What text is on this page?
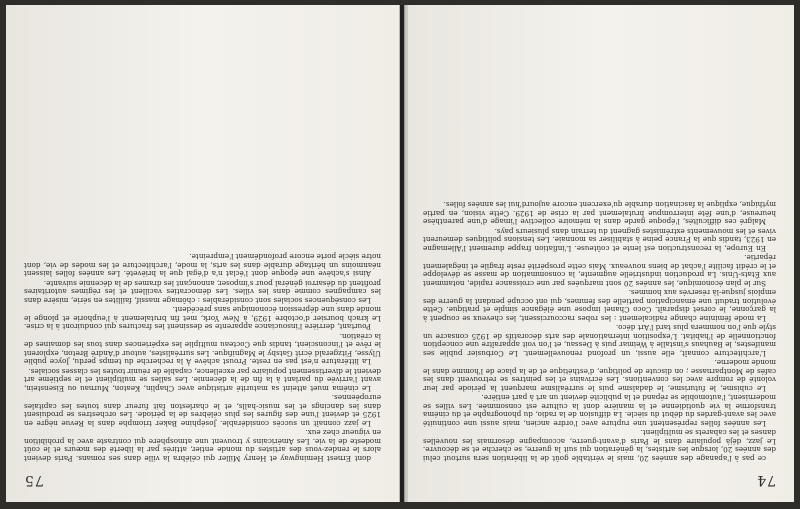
74

ce pas à l'apanage des années 20, mais le véritable goût de la libération sera surtout celui des années 20, lorsque les artistes, la génération qui suit la guerre, se cherche et se découvre. Le jazz, déjà populaire dans le Paris d'avant-guerre, accompagne désormais les nouvelles danses et les cabarets se multiplient.

Les années folles représentent une rupture avec l'ordre ancien, mais aussi une continuité avec les avant-gardes du début du siècle. La diffusion de la radio, du phonographe et du cinéma transforme la vie quotidienne et la manière dont la culture est consommée. Les villes se modernisent, l'automobile se répand et la publicité devient un art à part entière.

Le cubisme, le futurisme, le dadaïsme puis le surréalisme marquent la période par leur volonté de rompre avec les conventions. Les écrivains et les peintres se retrouvent dans les cafés de Montparnasse ; on discute de politique, d'esthétique et de la place de l'homme dans le monde moderne.

L'architecture connaît, elle aussi, un profond renouvellement. Le Corbusier publie ses manifestes, le Bauhaus s'installe à Weimar puis à Dessau, et l'on voit apparaître une conception fonctionnelle de l'habitat. L'exposition internationale des arts décoratifs de 1925 consacre un style que l'on nommera plus tard l'Art déco.

La mode féminine change radicalement : les robes raccourcissent, les cheveux se coupent à la garçonne, le corset disparaît. Coco Chanel impose une élégance simple et pratique. Cette évolution traduit une émancipation partielle des femmes, qui ont occupé pendant la guerre des emplois jusque-là réservés aux hommes.

Sur le plan économique, les années 20 sont marquées par une croissance rapide, notamment aux États-Unis. La production industrielle augmente, la consommation de masse se développe et le crédit facilite l'achat de biens nouveaux. Mais cette prospérité reste fragile et inégalement répartie.

En Europe, la reconstruction est lente et coûteuse. L'inflation frappe durement l'Allemagne en 1923, tandis que la France peine à stabiliser sa monnaie. Les tensions politiques demeurent vives et les mouvements extrémistes gagnent du terrain dans plusieurs pays.

Malgré ces difficultés, l'époque garde dans la mémoire collective l'image d'une parenthèse heureuse, d'une fête interrompue brutalement par la crise de 1929. Cette vision, en partie mythique, explique la fascination durable qu'exercent encore aujourd'hui les années folles.

75

dont Ernest Hemingway et Henry Miller qui célébra la ville dans ses romans. Paris devient alors le rendez-vous des artistes du monde entier, attirés par la liberté des mœurs et le coût modeste de la vie. Les Américains y trouvent une atmosphère qui contraste avec la prohibition en vigueur chez eux.

Le jazz connaît un succès considérable. Joséphine Baker triomphe dans la Revue nègre en 1925 et devient l'une des figures les plus célèbres de la période. Les orchestres se produisent dans les dancings et les music-halls, et le charleston fait fureur dans toutes les capitales européennes.

Le cinéma muet atteint sa maturité artistique avec Chaplin, Keaton, Murnau ou Eisenstein, avant l'arrivée du parlant à la fin de la décennie. Les salles se multiplient et le septième art devient le divertissement populaire par excellence, capable de réunir toutes les classes sociales.

La littérature n'est pas en reste. Proust achève À la recherche du temps perdu, Joyce publie Ulysse, Fitzgerald écrit Gatsby le Magnifique. Les surréalistes, autour d'André Breton, explorent le rêve et l'inconscient, tandis que Cocteau multiplie les expériences dans tous les domaines de la création.

Pourtant, derrière l'insouciance apparente se dessinent les fractures qui conduiront à la crise. Le krach boursier d'octobre 1929, à New York, met fin brutalement à l'euphorie et plonge le monde dans une dépression économique sans précédent.

Les conséquences sociales sont considérables : chômage massif, faillites en série, misère dans les campagnes comme dans les villes. Les démocraties vacillent et les régimes autoritaires profitent du désarroi général pour s'imposer, annonçant les drames de la décennie suivante.

Ainsi s'achève une époque dont l'éclat n'a d'égal que la brièveté. Les années folles laissent néanmoins un héritage durable dans les arts, la mode, l'architecture et les modes de vie, dont notre siècle porte encore profondément l'empreinte.
